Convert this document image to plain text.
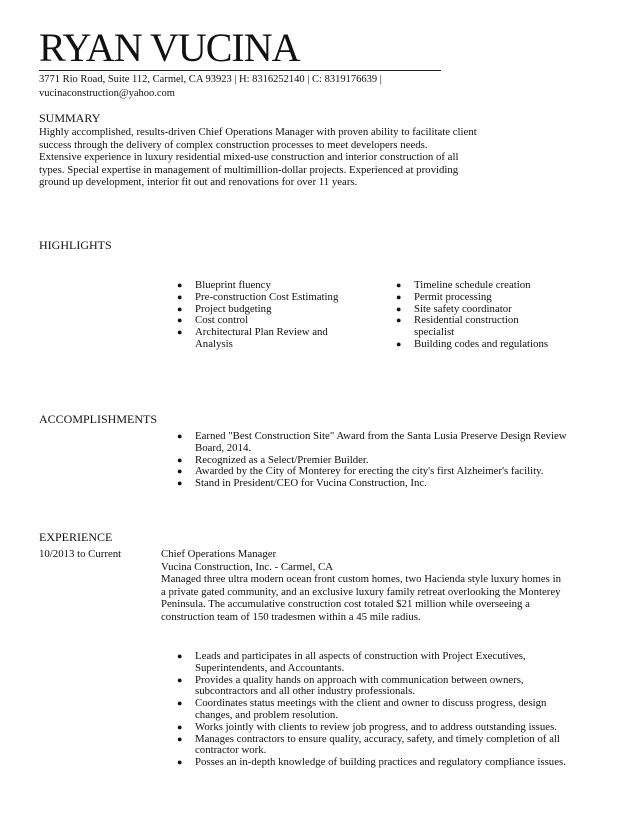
RYAN VUCINA
3771 Rio Road, Suite 112, Carmel, CA 93923 | H: 8316252140 | C: 8319176639 |
vucinaconstruction@yahoo.com
SUMMARY
Highly accomplished, results-driven Chief Operations Manager with proven ability to facilitate client
success through the delivery of complex construction processes to meet developers needs.
Extensive experience in luxury residential mixed-use construction and interior construction of all
types. Special expertise in management of multimillion-dollar projects. Experienced at providing
ground up development, interior fit out and renovations for over 11 years.
HIGHLIGHTS
● Blueprint fluency
● Pre-construction Cost Estimating
● Project budgeting
● Cost control
● Architectural Plan Review and Analysis
● Timeline schedule creation
● Permit processing
● Site safety coordinator
● Residential construction specialist
● Building codes and regulations
ACCOMPLISHMENTS
● Earned "Best Construction Site" Award from the Santa Lusia Preserve Design Review Board, 2014.
● Recognized as a Select/Premier Builder.
● Awarded by the City of Monterey for erecting the city's first Alzheimer's facility.
● Stand in President/CEO for Vucina Construction, Inc.
EXPERIENCE
10/2013 to Current	Chief Operations Manager
Vucina Construction, Inc. - Carmel, CA
Managed three ultra modern ocean front custom homes, two Hacienda style luxury homes in a private gated community, and an exclusive luxury family retreat overlooking the Monterey Peninsula. The accumulative construction cost totaled $21 million while overseeing a construction team of 150 tradesmen within a 45 mile radius.
● Leads and participates in all aspects of construction with Project Executives, Superintendents, and Accountants.
● Provides a quality hands on approach with communication between owners, subcontractors and all other industry professionals.
● Coordinates status meetings with the client and owner to discuss progress, design changes, and problem resolution.
● Works jointly with clients to review job progress, and to address outstanding issues.
● Manages contractors to ensure quality, accuracy, safety, and timely completion of all contractor work.
● Posses an in-depth knowledge of building practices and regulatory compliance issues.
